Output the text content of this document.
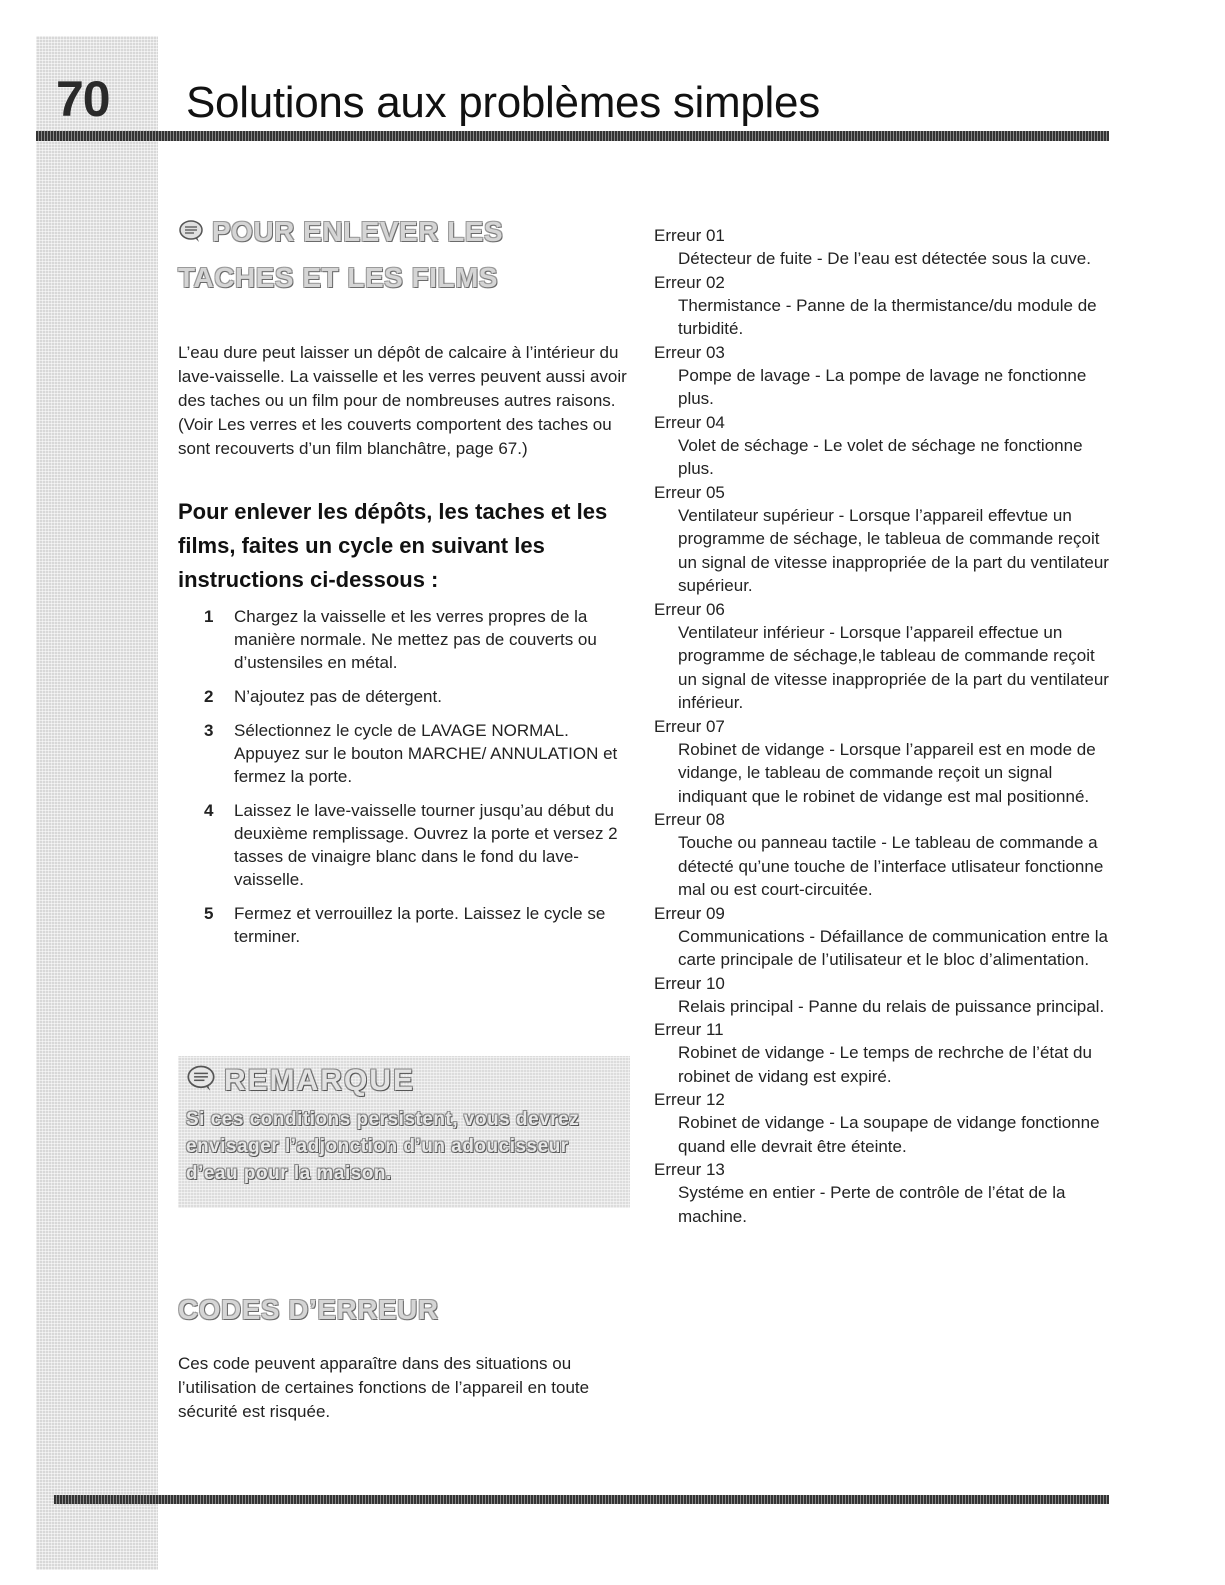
70 Solutions aux problèmes simples
POUR ENLEVER LES
TACHES ET LES FILMS

L’eau dure peut laisser un dépôt de calcaire à l’intérieur du lave-vaisselle. La vaisselle et les verres peuvent aussi avoir des taches ou un film pour de nombreuses autres raisons. (Voir Les verres et les couverts comportent des taches ou sont recouverts d’un film blanchâtre, page 67.)

Pour enlever les dépôts, les taches et les films, faites un cycle en suivant les instructions ci-dessous :

1	Chargez la vaisselle et les verres propres de la manière normale. Ne mettez pas de couverts ou d’ustensiles en métal.
2	N’ajoutez pas de détergent.
3	Sélectionnez le cycle de LAVAGE NORMAL. Appuyez sur le bouton MARCHE/ ANNULATION et fermez la porte.
4	Laissez le lave-vaisselle tourner jusqu’au début du deuxième remplissage. Ouvrez la porte et versez 2 tasses de vinaigre blanc dans le fond du lave-vaisselle.
5	Fermez et verrouillez la porte. Laissez le cycle se terminer.
REMARQUE
Si ces conditions persistent, vous devrez envisager l’adjonction d’un adoucisseur d’eau pour la maison.
CODES D’ERREUR

Ces code peuvent apparaître dans des situations ou l’utilisation de certaines fonctions de l’appareil en toute sécurité est risquée.

Erreur 01
Détecteur de fuite - De l’eau est détectée sous la cuve.
Erreur 02
Thermistance - Panne de la thermistance/du module de turbidité.
Erreur 03
Pompe de lavage - La pompe de lavage ne fonctionne plus.
Erreur 04
Volet de séchage - Le volet de séchage ne fonctionne plus.
Erreur 05
Ventilateur supérieur - Lorsque l’appareil effevtue un programme de séchage, le tableua de commande reçoit un signal de vitesse inappropriée de la part du ventilateur supérieur.
Erreur 06
Ventilateur inférieur - Lorsque l’appareil effectue un programme de séchage,le tableau de commande reçoit un signal de vitesse inappropriée de la part du ventilateur inférieur.
Erreur 07
Robinet de vidange - Lorsque l’appareil est en mode de vidange, le tableau de commande reçoit un signal indiquant que le robinet de vidange est mal positionné.
Erreur 08
Touche ou panneau tactile - Le tableau de commande a détecté qu’une touche de l’interface utlisateur fonctionne mal ou est court-circuitée.
Erreur 09
Communications - Défaillance de communication entre la carte principale de l’utilisateur et le bloc d’alimentation.
Erreur 10
Relais principal - Panne du relais de puissance principal.
Erreur 11
Robinet de vidange - Le temps de rechrche de l’état du robinet de vidang est expiré.
Erreur 12
Robinet de vidange - La soupape de vidange fonctionne quand elle devrait être éteinte.
Erreur 13
Systéme en entier - Perte de contrôle de l’état de la machine.
